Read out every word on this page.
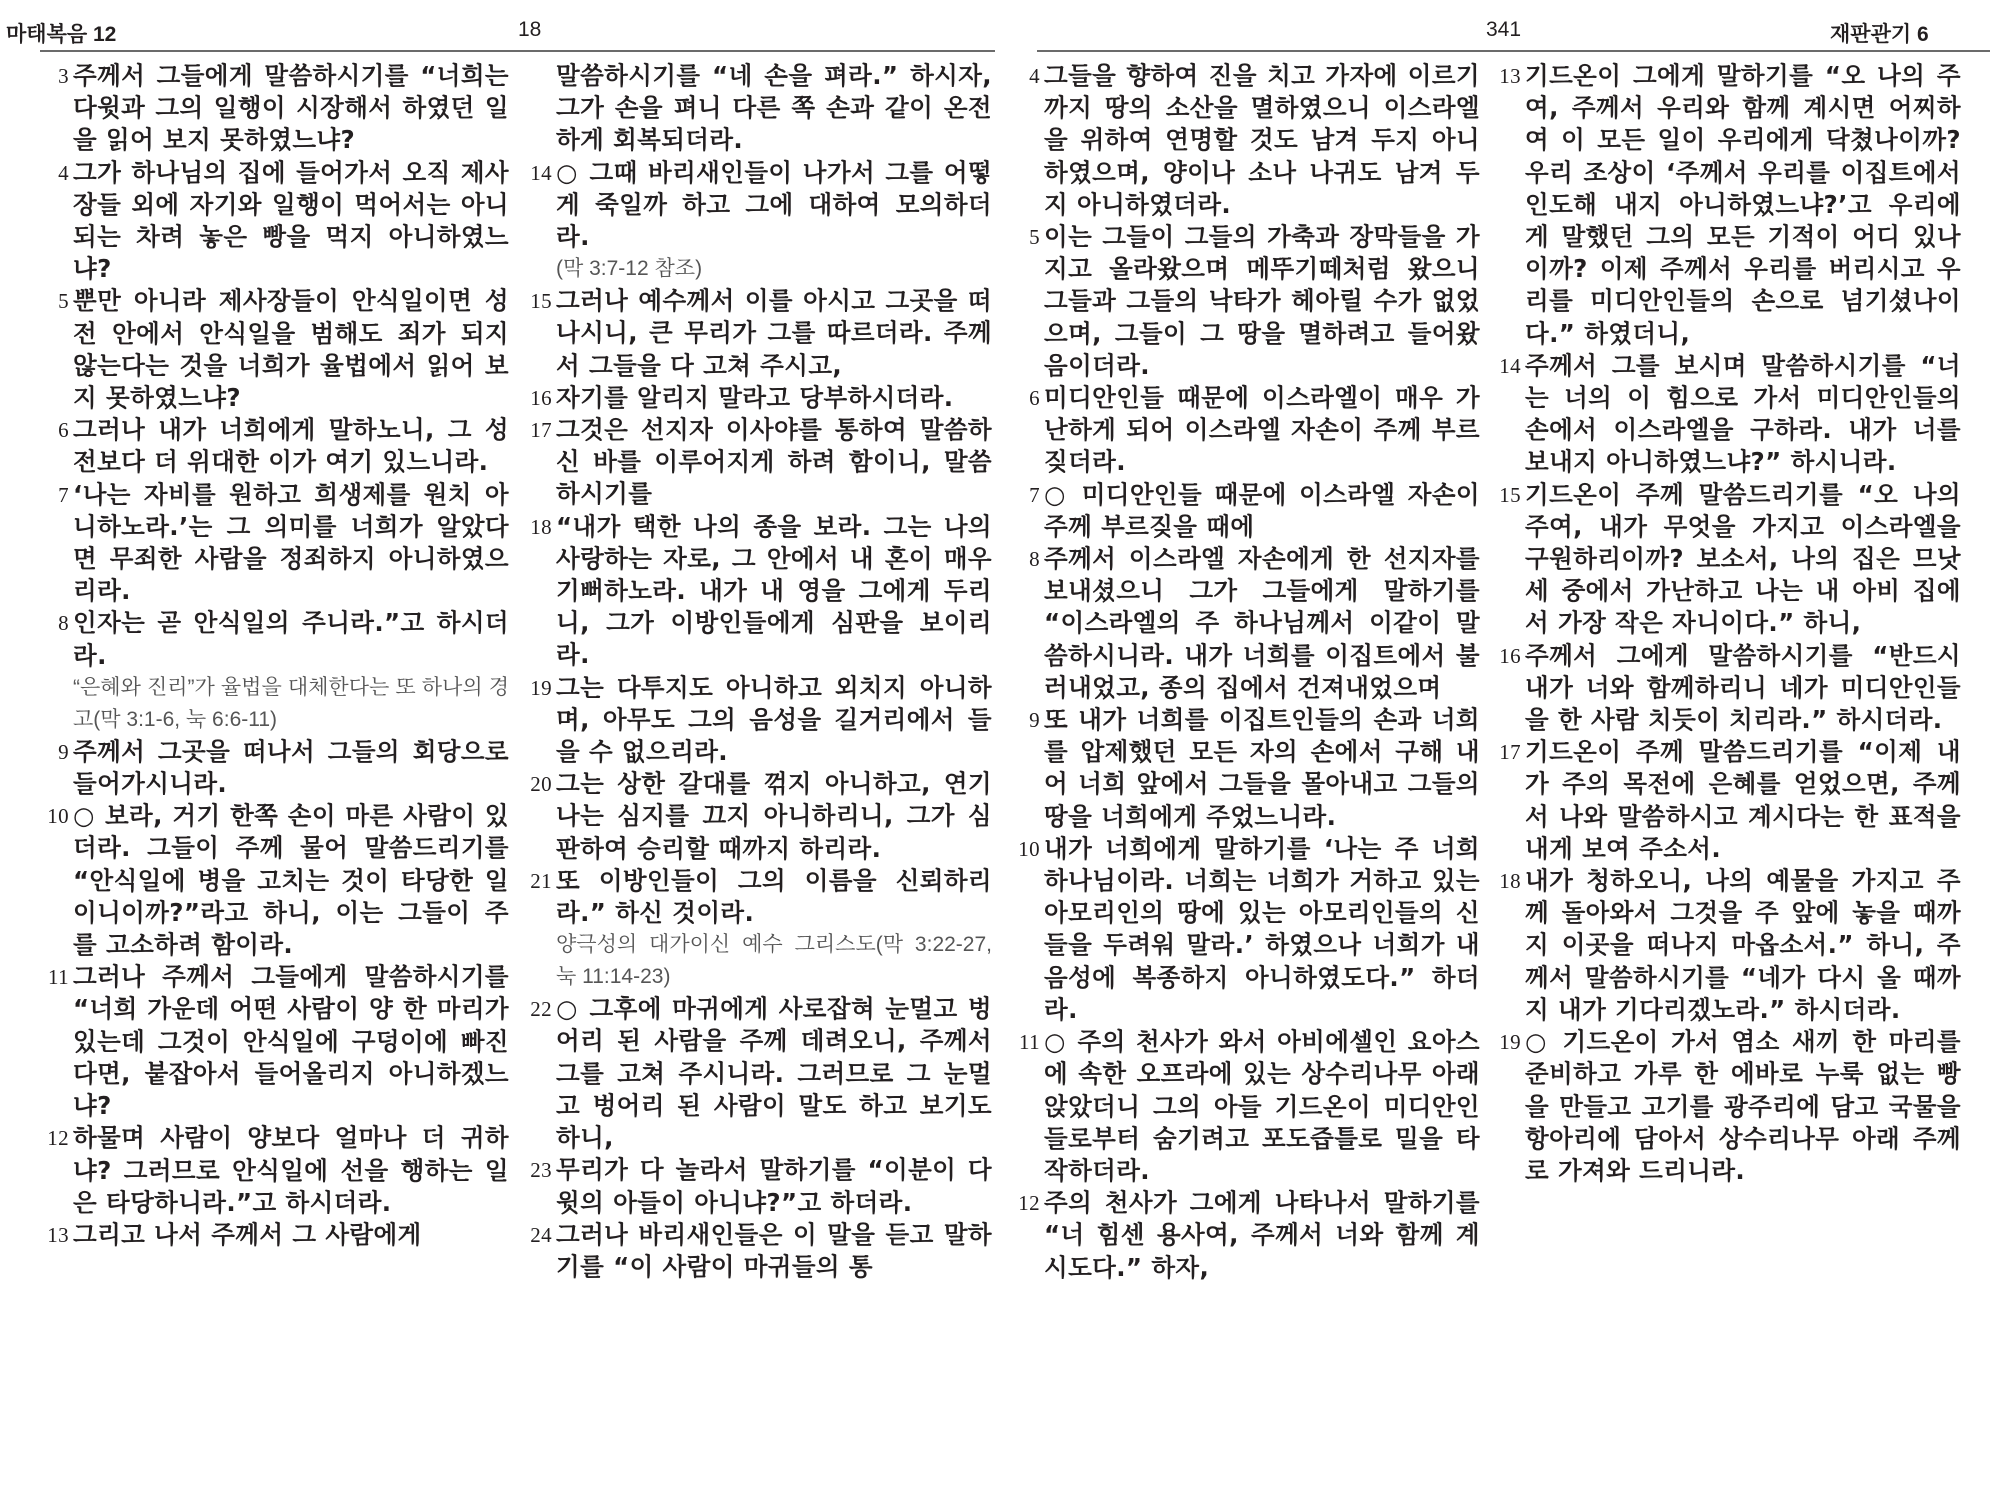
마태복음 12	18
3 주께서 그들에게 말씀하시기를 “너희는 다윗과 그의 일행이 시장해서 하였던 일을 읽어 보지 못하였느냐?
4 그가 하나님의 집에 들어가서 오직 제사장들 외에 자기와 일행이 먹어서는 아니되는 차려 놓은 빵을 먹지 아니하였느냐?
5 뿐만 아니라 제사장들이 안식일이면 성전 안에서 안식일을 범해도 죄가 되지 않는다는 것을 너희가 율법에서 읽어 보지 못하였느냐?
6 그러나 내가 너희에게 말하노니, 그 성전보다 더 위대한 이가 여기 있느니라.
7 ‘나는 자비를 원하고 희생제를 원치 아니하노라.’는 그 의미를 너희가 알았다면 무죄한 사람을 정죄하지 아니하였으리라.
8 인자는 곧 안식일의 주니라.”고 하시더라.
“은혜와 진리”가 율법을 대체한다는 또 하나의 경고(막 3:1-6, 눅 6:6-11)
9 주께서 그곳을 떠나서 그들의 회당으로 들어가시니라.
10 ○ 보라, 거기 한쪽 손이 마른 사람이 있더라. 그들이 주께 물어 말씀드리기를 “안식일에 병을 고치는 것이 타당한 일이니이까?”라고 하니, 이는 그들이 주를 고소하려 함이라.
11 그러나 주께서 그들에게 말씀하시기를 “너희 가운데 어떤 사람이 양 한 마리가 있는데 그것이 안식일에 구덩이에 빠진다면, 붙잡아서 들어올리지 아니하겠느냐?
12 하물며 사람이 양보다 얼마나 더 귀하냐? 그러므로 안식일에 선을 행하는 일은 타당하니라.”고 하시더라.
13 그리고 나서 주께서 그 사람에게
말씀하시기를 “네 손을 펴라.” 하시자, 그가 손을 펴니 다른 쪽 손과 같이 온전하게 회복되더라.
14 ○ 그때 바리새인들이 나가서 그를 어떻게 죽일까 하고 그에 대하여 모의하더라.
(막 3:7-12 참조)
15 그러나 예수께서 이를 아시고 그곳을 떠나시니, 큰 무리가 그를 따르더라. 주께서 그들을 다 고쳐 주시고,
16 자기를 알리지 말라고 당부하시더라.
17 그것은 선지자 이사야를 통하여 말씀하신 바를 이루어지게 하려 함이니, 말씀하시기를
18 “내가 택한 나의 종을 보라. 그는 나의 사랑하는 자로, 그 안에서 내 혼이 매우 기뻐하노라. 내가 내 영을 그에게 두리니, 그가 이방인들에게 심판을 보이리라.
19 그는 다투지도 아니하고 외치지 아니하며, 아무도 그의 음성을 길거리에서 들을 수 없으리라.
20 그는 상한 갈대를 꺾지 아니하고, 연기 나는 심지를 끄지 아니하리니, 그가 심판하여 승리할 때까지 하리라.
21 또 이방인들이 그의 이름을 신뢰하리라.” 하신 것이라.
양극성의 대가이신 예수 그리스도(막 3:22-27, 눅 11:14-23)
22 ○ 그후에 마귀에게 사로잡혀 눈멀고 벙어리 된 사람을 주께 데려오니, 주께서 그를 고쳐 주시니라. 그러므로 그 눈멀고 벙어리 된 사람이 말도 하고 보기도 하니,
23 무리가 다 놀라서 말하기를 “이분이 다윗의 아들이 아니냐?”고 하더라.
24 그러나 바리새인들은 이 말을 듣고 말하기를 “이 사람이 마귀들의 통
341	재판관기 6
4 그들을 향하여 진을 치고 가자에 이르기까지 땅의 소산을 멸하였으니 이스라엘을 위하여 연명할 것도 남겨 두지 아니하였으며, 양이나 소나 나귀도 남겨 두지 아니하였더라.
5 이는 그들이 그들의 가축과 장막들을 가지고 올라왔으며 메뚜기떼처럼 왔으니 그들과 그들의 낙타가 헤아릴 수가 없었으며, 그들이 그 땅을 멸하려고 들어왔음이더라.
6 미디안인들 때문에 이스라엘이 매우 가난하게 되어 이스라엘 자손이 주께 부르짖더라.
7 ○ 미디안인들 때문에 이스라엘 자손이 주께 부르짖을 때에
8 주께서 이스라엘 자손에게 한 선지자를 보내셨으니 그가 그들에게 말하기를 “이스라엘의 주 하나님께서 이같이 말씀하시니라. 내가 너희를 이집트에서 불러내었고, 종의 집에서 건져내었으며
9 또 내가 너희를 이집트인들의 손과 너희를 압제했던 모든 자의 손에서 구해 내어 너희 앞에서 그들을 몰아내고 그들의 땅을 너희에게 주었느니라.
10 내가 너희에게 말하기를 ‘나는 주 너희 하나님이라. 너희는 너희가 거하고 있는 아모리인의 땅에 있는 아모리인들의 신들을 두려워 말라.’ 하였으나 너희가 내 음성에 복종하지 아니하였도다.” 하더라.
11 ○ 주의 천사가 와서 아비에셀인 요아스에 속한 오프라에 있는 상수리나무 아래 앉았더니 그의 아들 기드온이 미디안인들로부터 숨기려고 포도즙틀로 밀을 타작하더라.
12 주의 천사가 그에게 나타나서 말하기를 “너 힘센 용사여, 주께서 너와 함께 계시도다.” 하자,
13 기드온이 그에게 말하기를 “오 나의 주여, 주께서 우리와 함께 계시면 어찌하여 이 모든 일이 우리에게 닥쳤나이까? 우리 조상이 ‘주께서 우리를 이집트에서 인도해 내지 아니하였느냐?’고 우리에게 말했던 그의 모든 기적이 어디 있나이까? 이제 주께서 우리를 버리시고 우리를 미디안인들의 손으로 넘기셨나이다.” 하였더니,
14 주께서 그를 보시며 말씀하시기를 “너는 너의 이 힘으로 가서 미디안인들의 손에서 이스라엘을 구하라. 내가 너를 보내지 아니하였느냐?” 하시니라.
15 기드온이 주께 말씀드리기를 “오 나의 주여, 내가 무엇을 가지고 이스라엘을 구원하리이까? 보소서, 나의 집은 므낫세 중에서 가난하고 나는 내 아비 집에서 가장 작은 자니이다.” 하니,
16 주께서 그에게 말씀하시기를 “반드시 내가 너와 함께하리니 네가 미디안인들을 한 사람 치듯이 치리라.” 하시더라.
17 기드온이 주께 말씀드리기를 “이제 내가 주의 목전에 은혜를 얻었으면, 주께서 나와 말씀하시고 계시다는 한 표적을 내게 보여 주소서.
18 내가 청하오니, 나의 예물을 가지고 주께 돌아와서 그것을 주 앞에 놓을 때까지 이곳을 떠나지 마옵소서.” 하니, 주께서 말씀하시기를 “네가 다시 올 때까지 내가 기다리겠노라.” 하시더라.
19 ○ 기드온이 가서 염소 새끼 한 마리를 준비하고 가루 한 에바로 누룩 없는 빵을 만들고 고기를 광주리에 담고 국물을 항아리에 담아서 상수리나무 아래 주께로 가져와 드리니라.
